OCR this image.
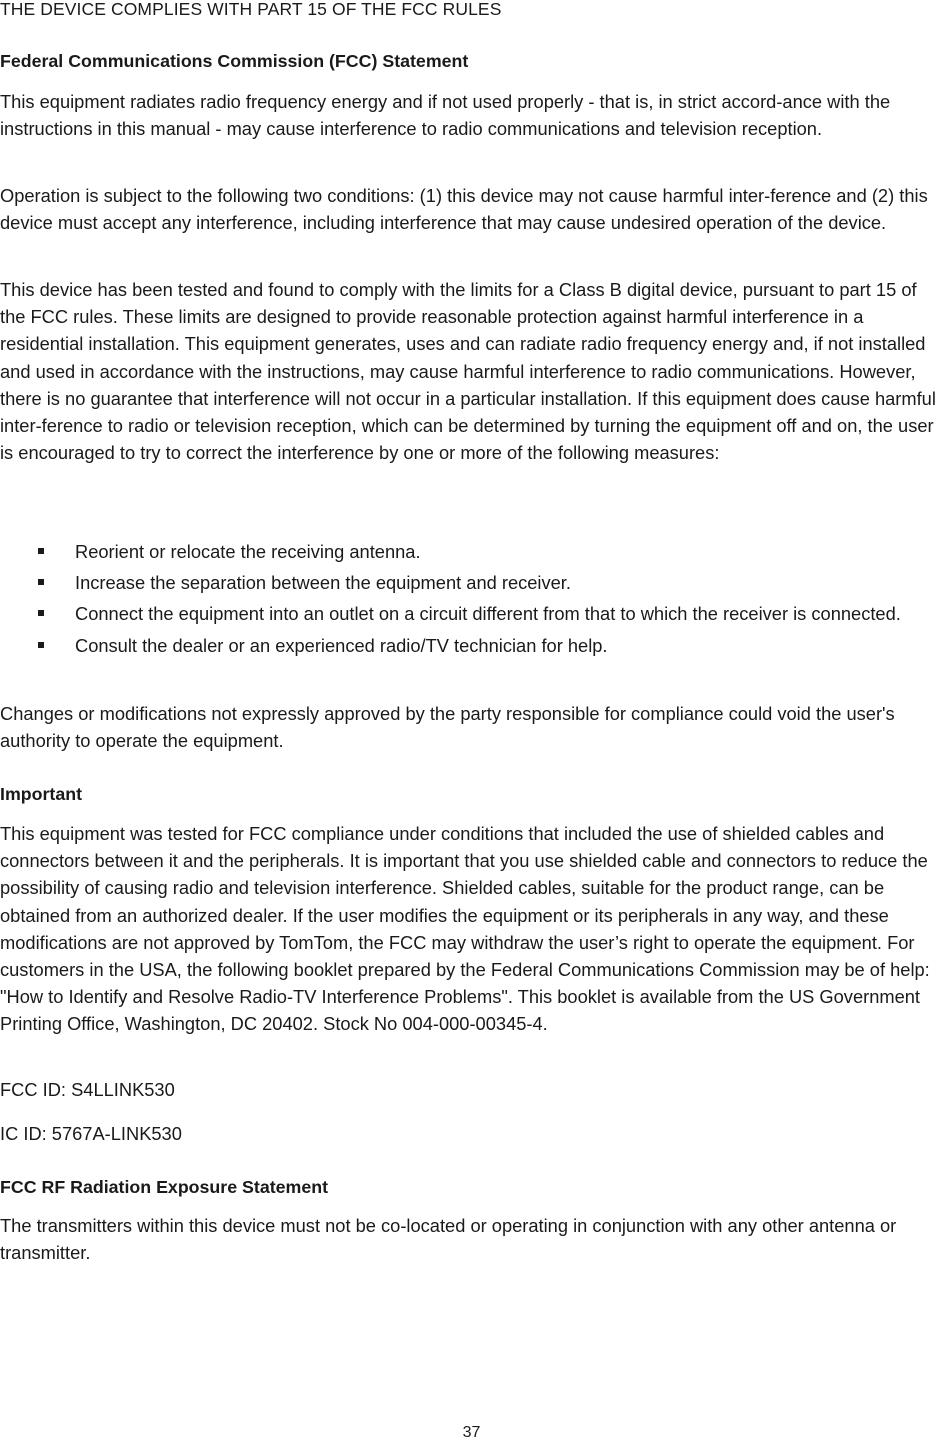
THE DEVICE COMPLIES WITH PART 15 OF THE FCC RULES
Federal Communications Commission (FCC) Statement
This equipment radiates radio frequency energy and if not used properly - that is, in strict accord-ance with the instructions in this manual - may cause interference to radio communications and television reception.
Operation is subject to the following two conditions: (1) this device may not cause harmful inter-ference and (2) this device must accept any interference, including interference that may cause undesired operation of the device.
This device has been tested and found to comply with the limits for a Class B digital device, pursuant to part 15 of the FCC rules. These limits are designed to provide reasonable protection against harmful interference in a residential installation. This equipment generates, uses and can radiate radio frequency energy and, if not installed and used in accordance with the instructions, may cause harmful interference to radio communications. However, there is no guarantee that interference will not occur in a particular installation. If this equipment does cause harmful inter-ference to radio or television reception, which can be determined by turning the equipment off and on, the user is encouraged to try to correct the interference by one or more of the following measures:
Reorient or relocate the receiving antenna.
Increase the separation between the equipment and receiver.
Connect the equipment into an outlet on a circuit different from that to which the receiver is connected.
Consult the dealer or an experienced radio/TV technician for help.
Changes or modifications not expressly approved by the party responsible for compliance could void the user's authority to operate the equipment.
Important
This equipment was tested for FCC compliance under conditions that included the use of shielded cables and connectors between it and the peripherals. It is important that you use shielded cable and connectors to reduce the possibility of causing radio and television interference. Shielded cables, suitable for the product range, can be obtained from an authorized dealer. If the user modifies the equipment or its peripherals in any way, and these modifications are not approved by TomTom, the FCC may withdraw the user’s right to operate the equipment. For customers in the USA, the following booklet prepared by the Federal Communications Commission may be of help: "How to Identify and Resolve Radio-TV Interference Problems". This booklet is available from the US Government Printing Office, Washington, DC 20402. Stock No 004-000-00345-4.
FCC ID: S4LLINK530
IC ID: 5767A-LINK530
FCC RF Radiation Exposure Statement
The transmitters within this device must not be co-located or operating in conjunction with any other antenna or transmitter.
37
